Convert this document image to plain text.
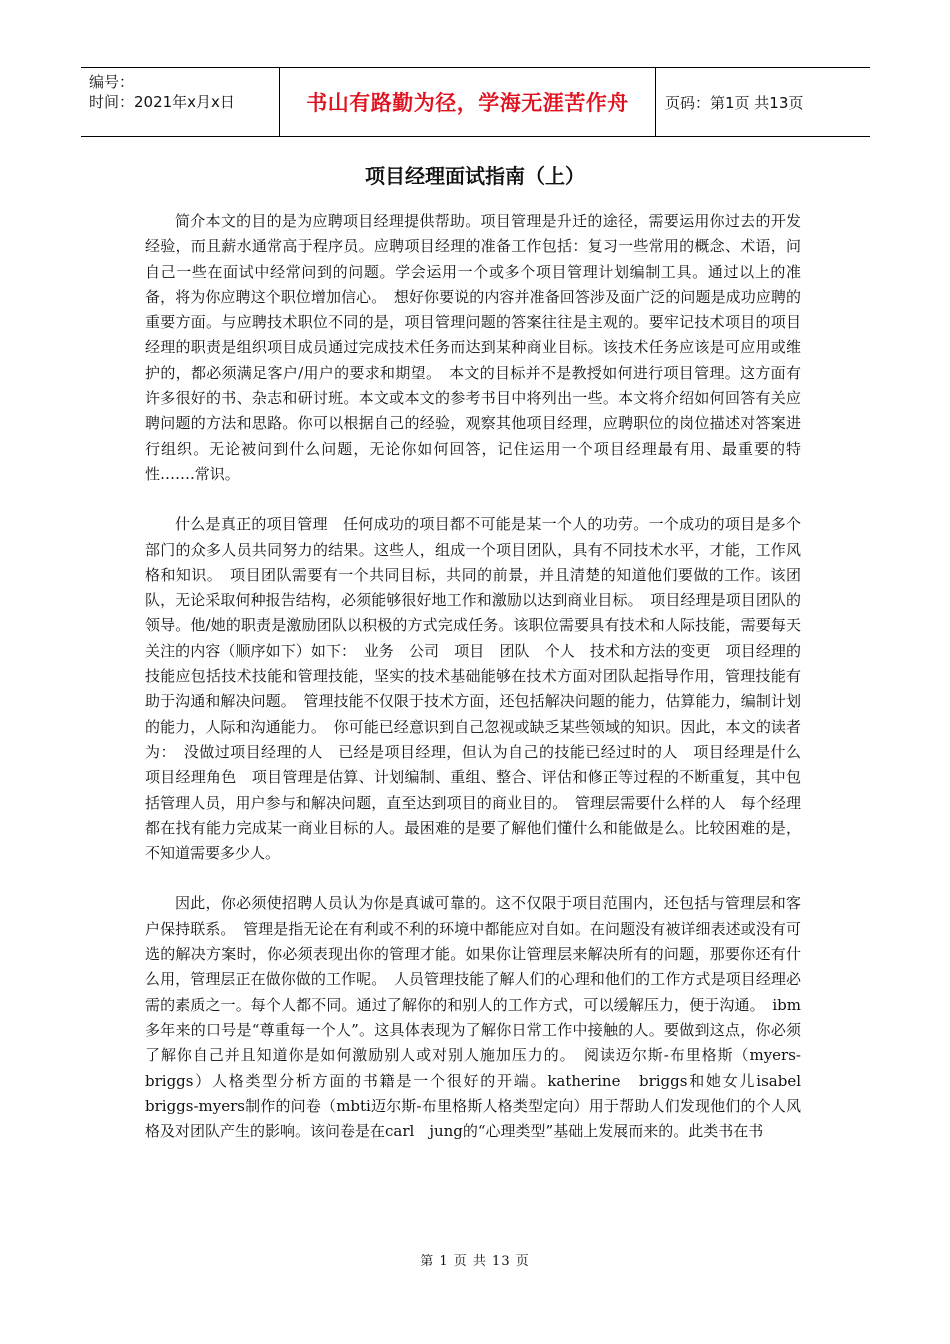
编号：
时间：2021年x月x日	书山有路勤为径，学海无涯苦作舟	页码：第1页 共13页
项目经理面试指南（上）

简介本文的目的是为应聘项目经理提供帮助。项目管理是升迁的途径，需要运用你过去的开发经验，而且薪水通常高于程序员。应聘项目经理的准备工作包括：复习一些常用的概念、术语，问自己一些在面试中经常问到的问题。学会运用一个或多个项目管理计划编制工具。通过以上的准备，将为你应聘这个职位增加信心。　想好你要说的内容并准备回答涉及面广泛的问题是成功应聘的重要方面。与应聘技术职位不同的是，项目管理问题的答案往往是主观的。要牢记技术项目的项目经理的职责是组织项目成员通过完成技术任务而达到某种商业目标。该技术任务应该是可应用或维护的，都必须满足客户/用户的要求和期望。　本文的目标并不是教授如何进行项目管理。这方面有许多很好的书、杂志和研讨班。本文或本文的参考书目中将列出一些。本文将介绍如何回答有关应聘问题的方法和思路。你可以根据自己的经验，观察其他项目经理，应聘职位的岗位描述对答案进行组织。无论被问到什么问题，无论你如何回答，记住运用一个项目经理最有用、最重要的特性…….常识。

什么是真正的项目管理　任何成功的项目都不可能是某一个人的功劳。一个成功的项目是多个部门的众多人员共同努力的结果。这些人，组成一个项目团队，具有不同技术水平，才能，工作风格和知识。　项目团队需要有一个共同目标，共同的前景，并且清楚的知道他们要做的工作。该团队，无论采取何种报告结构，必须能够很好地工作和激励以达到商业目标。　项目经理是项目团队的领导。他/她的职责是激励团队以积极的方式完成任务。该职位需要具有技术和人际技能，需要每天关注的内容（顺序如下）如下：　业务　公司　项目　团队　个人　技术和方法的变更　项目经理的技能应包括技术技能和管理技能，坚实的技术基础能够在技术方面对团队起指导作用，管理技能有助于沟通和解决问题。　管理技能不仅限于技术方面，还包括解决问题的能力，估算能力，编制计划的能力，人际和沟通能力。　你可能已经意识到自己忽视或缺乏某些领域的知识。因此，本文的读者为：　没做过项目经理的人　已经是项目经理，但认为自己的技能已经过时的人　项目经理是什么　项目经理角色　项目管理是估算、计划编制、重组、整合、评估和修正等过程的不断重复，其中包括管理人员，用户参与和解决问题，直至达到项目的商业目的。　管理层需要什么样的人　每个经理都在找有能力完成某一商业目标的人。最困难的是要了解他们懂什么和能做是么。比较困难的是，不知道需要多少人。

因此，你必须使招聘人员认为你是真诚可靠的。这不仅限于项目范围内，还包括与管理层和客户保持联系。　管理是指无论在有利或不利的环境中都能应对自如。在问题没有被详细表述或没有可选的解决方案时，你必须表现出你的管理才能。如果你让管理层来解决所有的问题，那要你还有什么用，管理层正在做你做的工作呢。　人员管理技能了解人们的心理和他们的工作方式是项目经理必需的素质之一。每个人都不同。通过了解你的和别人的工作方式，可以缓解压力，便于沟通。　ibm多年来的口号是“尊重每一个人”。这具体表现为了解你日常工作中接触的人。要做到这点，你必须了解你自己并且知道你是如何激励别人或对别人施加压力的。　阅读迈尔斯-布里格斯（myers-briggs）人格类型分析方面的书籍是一个很好的开端。katherine　briggs和她女儿isabel　briggs-myers制作的问卷（mbti迈尔斯-布里格斯人格类型定向）用于帮助人们发现他们的个人风格及对团队产生的影响。该问卷是在carl　jung的“心理类型”基础上发展而来的。此类书在书

第 1 页 共 13 页
